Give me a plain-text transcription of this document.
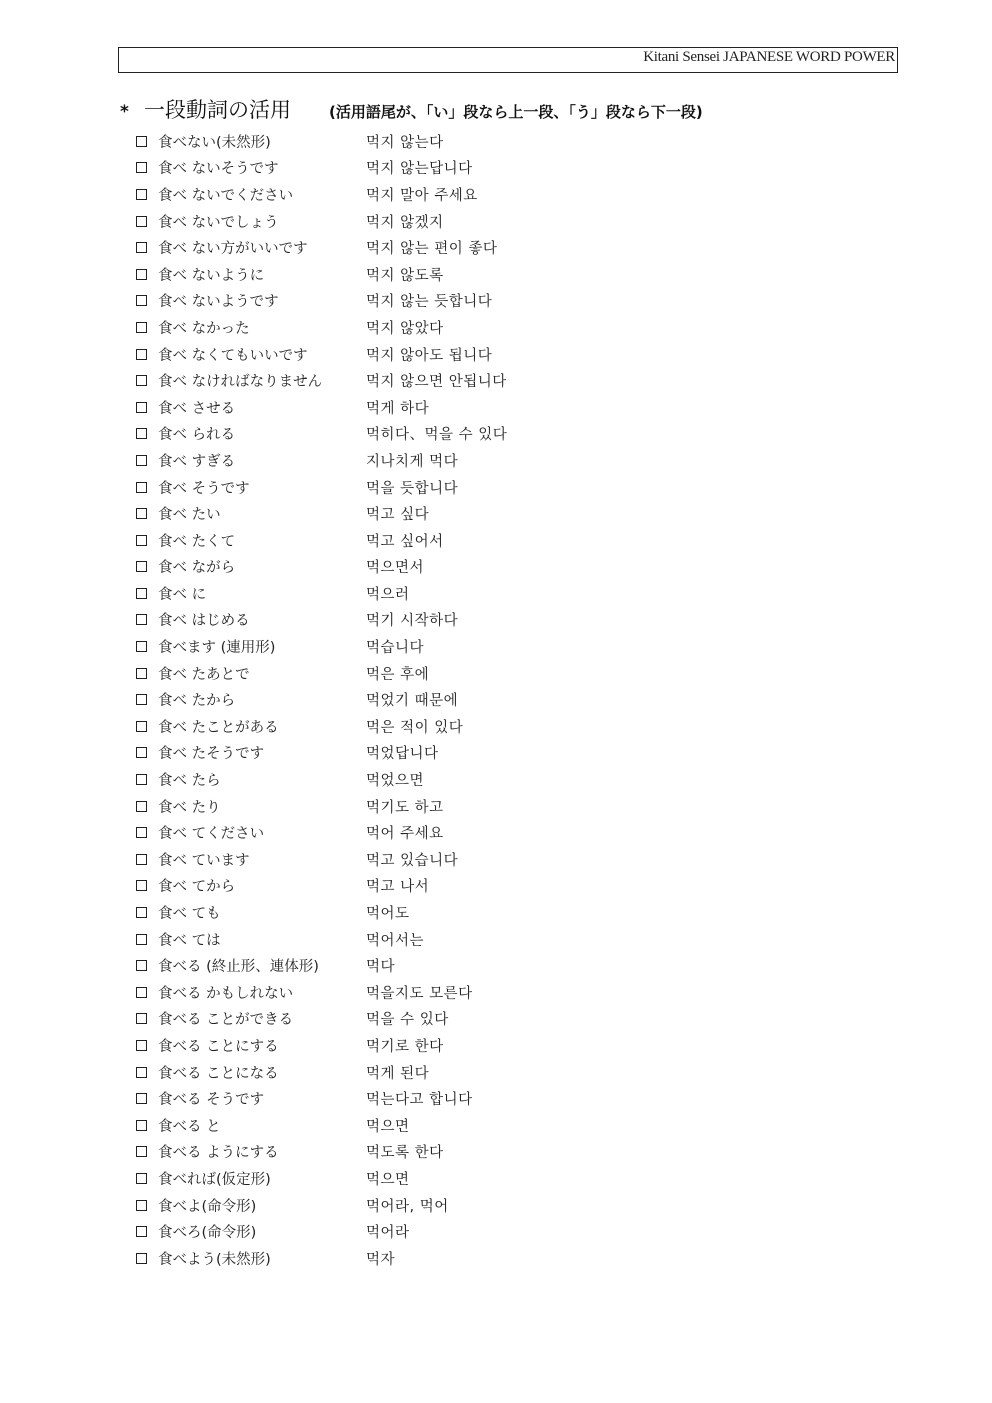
Kitani Sensei JAPANESE WORD POWER
* 一段動詞の活用	(活用語尾が、「い」段なら上一段、「う」段なら下一段)
食べない(未然形)	먹지 않는다
食べ ないそうです	먹지 않는답니다
食べ ないでください	먹지 말아 주세요
食べ ないでしょう	먹지 않겠지
食べ ない方がいいです	먹지 않는 편이 좋다
食べ ないように	먹지 않도록
食べ ないようです	먹지 않는 듯합니다
食べ なかった	먹지 않았다
食べ なくてもいいです	먹지 않아도 됩니다
食べ なければなりません	먹지 않으면 안됩니다
食べ させる	먹게 하다
食べ られる	먹히다、먹을 수 있다
食べ すぎる	지나치게 먹다
食べ そうです	먹을 듯합니다
食べ たい	먹고 싶다
食べ たくて	먹고 싶어서
食べ ながら	먹으면서
食べ に	먹으러
食べ はじめる	먹기 시작하다
食べます (連用形)	먹습니다
食べ たあとで	먹은 후에
食べ たから	먹었기 때문에
食べ たことがある	먹은 적이 있다
食べ たそうです	먹었답니다
食べ たら	먹었으면
食べ たり	먹기도 하고
食べ てください	먹어 주세요
食べ ています	먹고 있습니다
食べ てから	먹고 나서
食べ ても	먹어도
食べ ては	먹어서는
食べる (終止形、連体形)	먹다
食べる かもしれない	먹을지도 모른다
食べる ことができる	먹을 수 있다
食べる ことにする	먹기로 한다
食べる ことになる	먹게 된다
食べる そうです	먹는다고 합니다
食べる と	먹으면
食べる ようにする	먹도록 한다
食べれば(仮定形)	먹으면
食べよ(命令形)	먹어라, 먹어
食べろ(命令形)	먹어라
食べよう(未然形)	먹자
